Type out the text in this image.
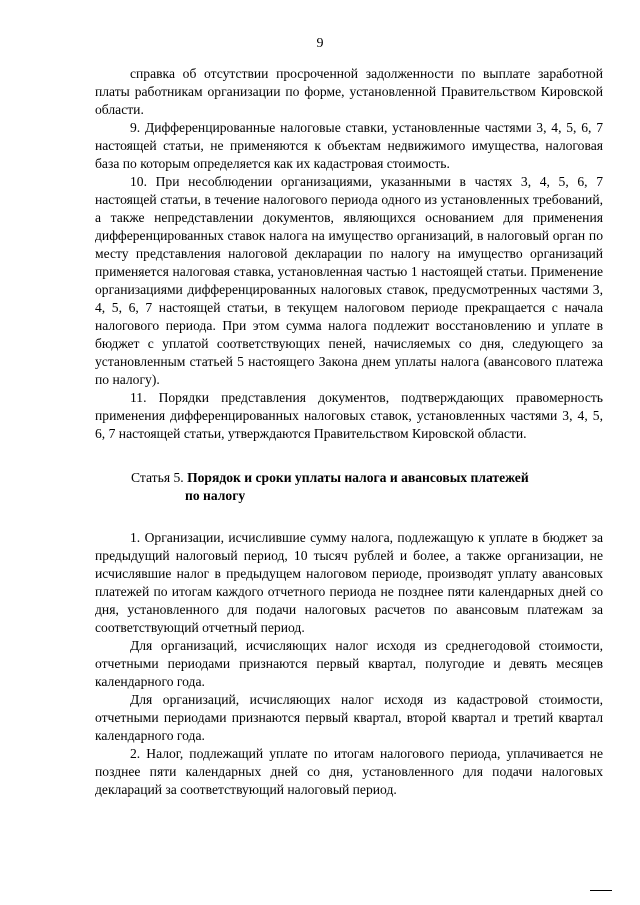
9

справка об отсутствии просроченной задолженности по выплате заработной платы работникам организации по форме, установленной Правительством Кировской области.

9. Дифференцированные налоговые ставки, установленные частями 3, 4, 5, 6, 7 настоящей статьи, не применяются к объектам недвижимого имущества, налоговая база по которым определяется как их кадастровая стоимость.

10. При несоблюдении организациями, указанными в частях 3, 4, 5, 6, 7 настоящей статьи, в течение налогового периода одного из установленных требований, а также непредставлении документов, являющихся основанием для применения дифференцированных ставок налога на имущество организаций, в налоговый орган по месту представления налоговой декларации по налогу на имущество организаций применяется налоговая ставка, установленная частью 1 настоящей статьи. Применение организациями дифференцированных налоговых ставок, предусмотренных частями 3, 4, 5, 6, 7 настоящей статьи, в текущем налоговом периоде прекращается с начала налогового периода. При этом сумма налога подлежит восстановлению и уплате в бюджет с уплатой соответствующих пеней, начисляемых со дня, следующего за установленным статьей 5 настоящего Закона днем уплаты налога (авансового платежа по налогу).

11. Порядки представления документов, подтверждающих правомерность применения дифференцированных налоговых ставок, установленных частями 3, 4, 5, 6, 7 настоящей статьи, утверждаются Правительством Кировской области.

Статья 5. Порядок и сроки уплаты налога и авансовых платежей
по налогу

1. Организации, исчислившие сумму налога, подлежащую к уплате в бюджет за предыдущий налоговый период, 10 тысяч рублей и более, а также организации, не исчислявшие налог в предыдущем налоговом периоде, производят уплату авансовых платежей по итогам каждого отчетного периода не позднее пяти календарных дней со дня, установленного для подачи налоговых расчетов по авансовым платежам за соответствующий отчетный период.

Для организаций, исчисляющих налог исходя из среднегодовой стоимости, отчетными периодами признаются первый квартал, полугодие и девять месяцев календарного года.

Для организаций, исчисляющих налог исходя из кадастровой стоимости, отчетными периодами признаются первый квартал, второй квартал и третий квартал календарного года.

2. Налог, подлежащий уплате по итогам налогового периода, уплачивается не позднее пяти календарных дней со дня, установленного для подачи налоговых деклараций за соответствующий налоговый период.
